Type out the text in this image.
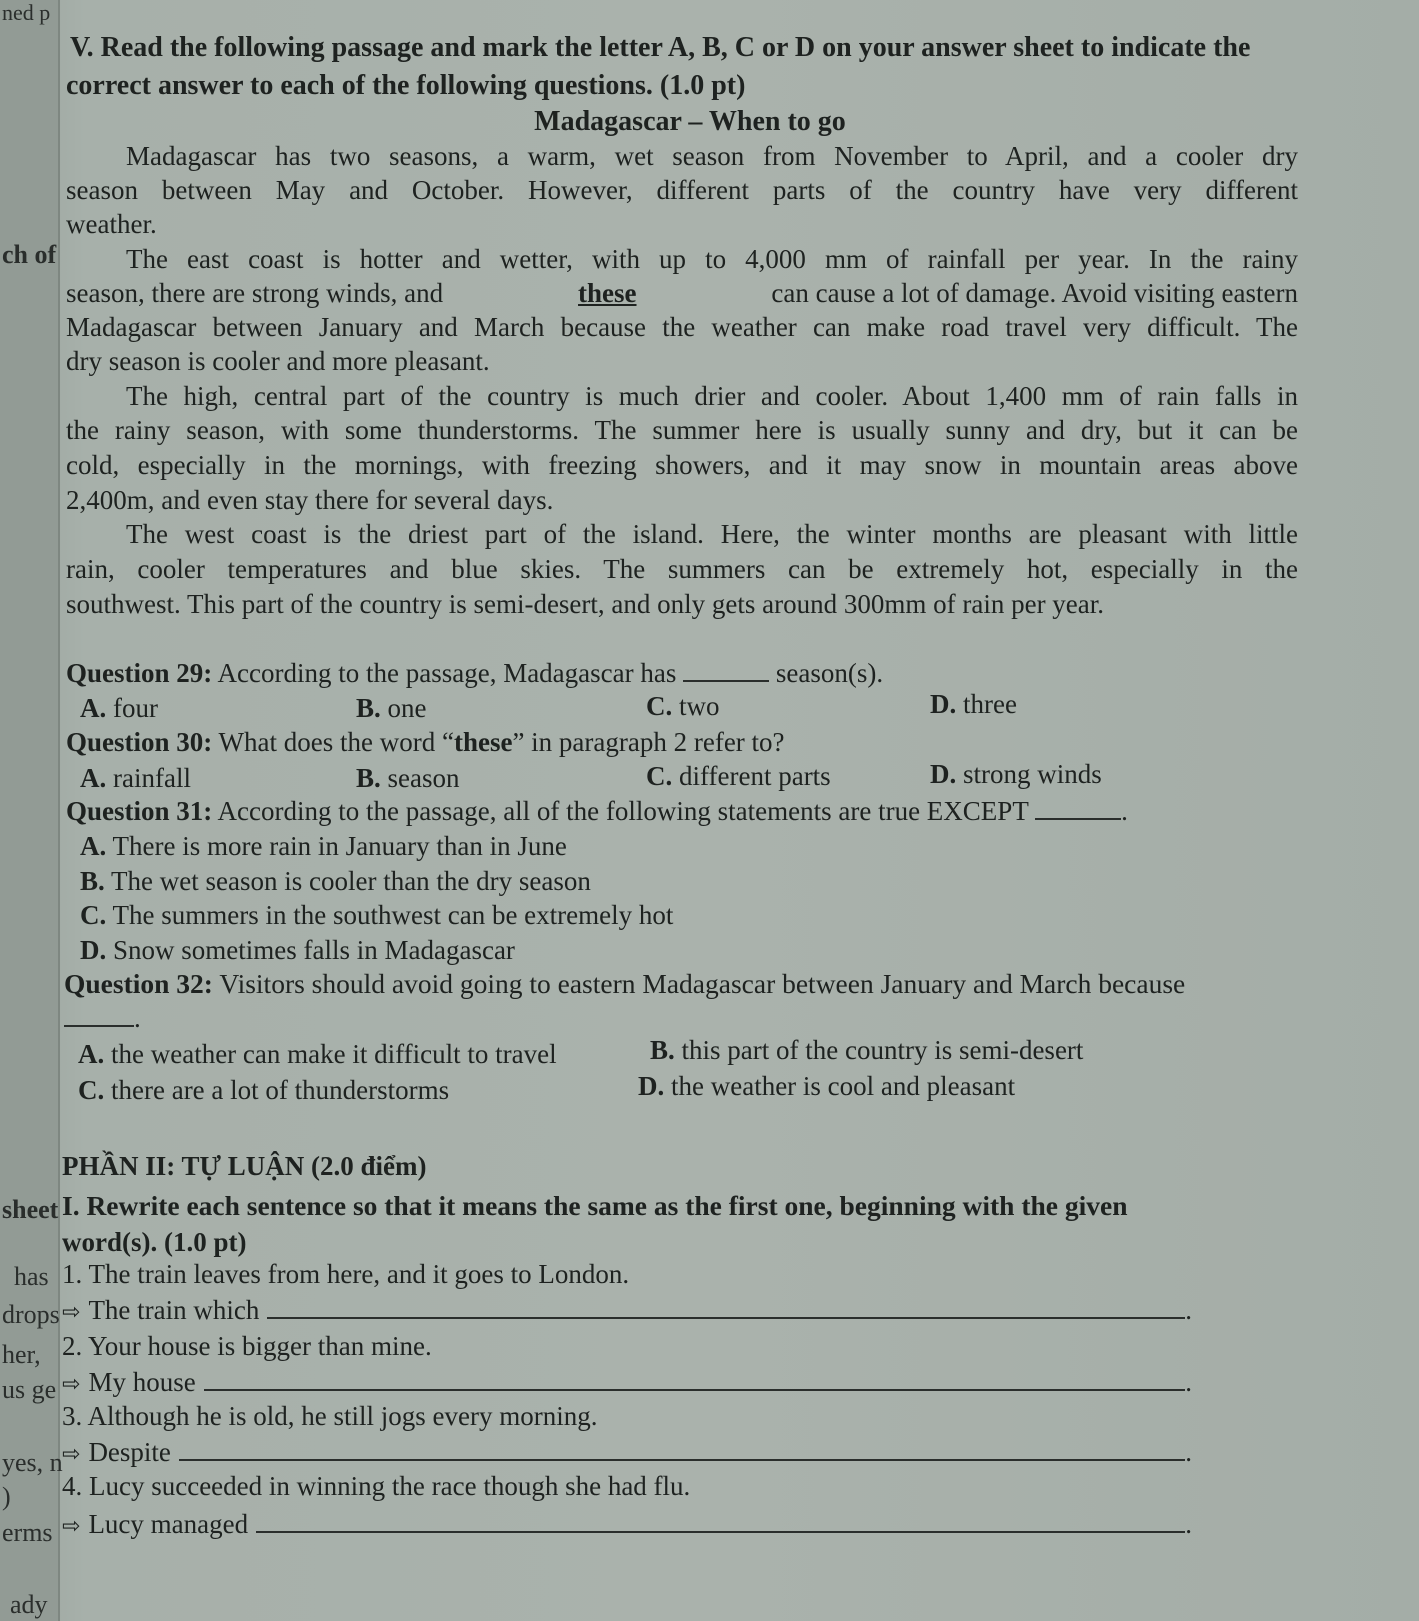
ned p
ch of
sheet
has
drops
her,
us ge
yes, n
)
erms
ady
V. Read the following passage and mark the letter A, B, C or D on your answer sheet to indicate the
correct answer to each of the following questions. (1.0 pt)
Madagascar – When to go
Madagascar has two seasons, a warm, wet season from November to April, and a cooler dry
season between May and October. However, different parts of the country have very different
weather.
The east coast is hotter and wetter, with up to 4,000 mm of rainfall per year. In the rainy
season, there are strong winds, and	these	can cause a lot of damage. Avoid visiting eastern
Madagascar between January and March because the weather can make road travel very difficult. The
dry season is cooler and more pleasant.
The high, central part of the country is much drier and cooler. About 1,400 mm of rain falls in
the rainy season, with some thunderstorms. The summer here is usually sunny and dry, but it can be
cold, especially in the mornings, with freezing showers, and it may snow in mountain areas above
2,400m, and even stay there for several days.
The west coast is the driest part of the island. Here, the winter months are pleasant with little
rain, cooler temperatures and blue skies. The summers can be extremely hot, especially in the
southwest. This part of the country is semi-desert, and only gets around 300mm of rain per year.
Question 29: According to the passage, Madagascar has	season(s).
A. four	B. one	C. two	D. three
Question 30: What does the word “these” in paragraph 2 refer to?
A. rainfall	B. season	C. different parts	D. strong winds
Question 31: According to the passage, all of the following statements are true EXCEPT	.
A. There is more rain in January than in June
B. The wet season is cooler than the dry season
C. The summers in the southwest can be extremely hot
D. Snow sometimes falls in Madagascar
Question 32: Visitors should avoid going to eastern Madagascar between January and March because
.
A. the weather can make it difficult to travel	B. this part of the country is semi-desert
C. there are a lot of thunderstorms	D. the weather is cool and pleasant
PHẦN II: TỰ LUẬN (2.0 điểm)
I. Rewrite each sentence so that it means the same as the first one, beginning with the given
word(s). (1.0 pt)
1. The train leaves from here, and it goes to London.
⇨ The train which	.
2. Your house is bigger than mine.
⇨ My house	.
3. Although he is old, he still jogs every morning.
⇨ Despite	.
4. Lucy succeeded in winning the race though she had flu.
⇨ Lucy managed	.
